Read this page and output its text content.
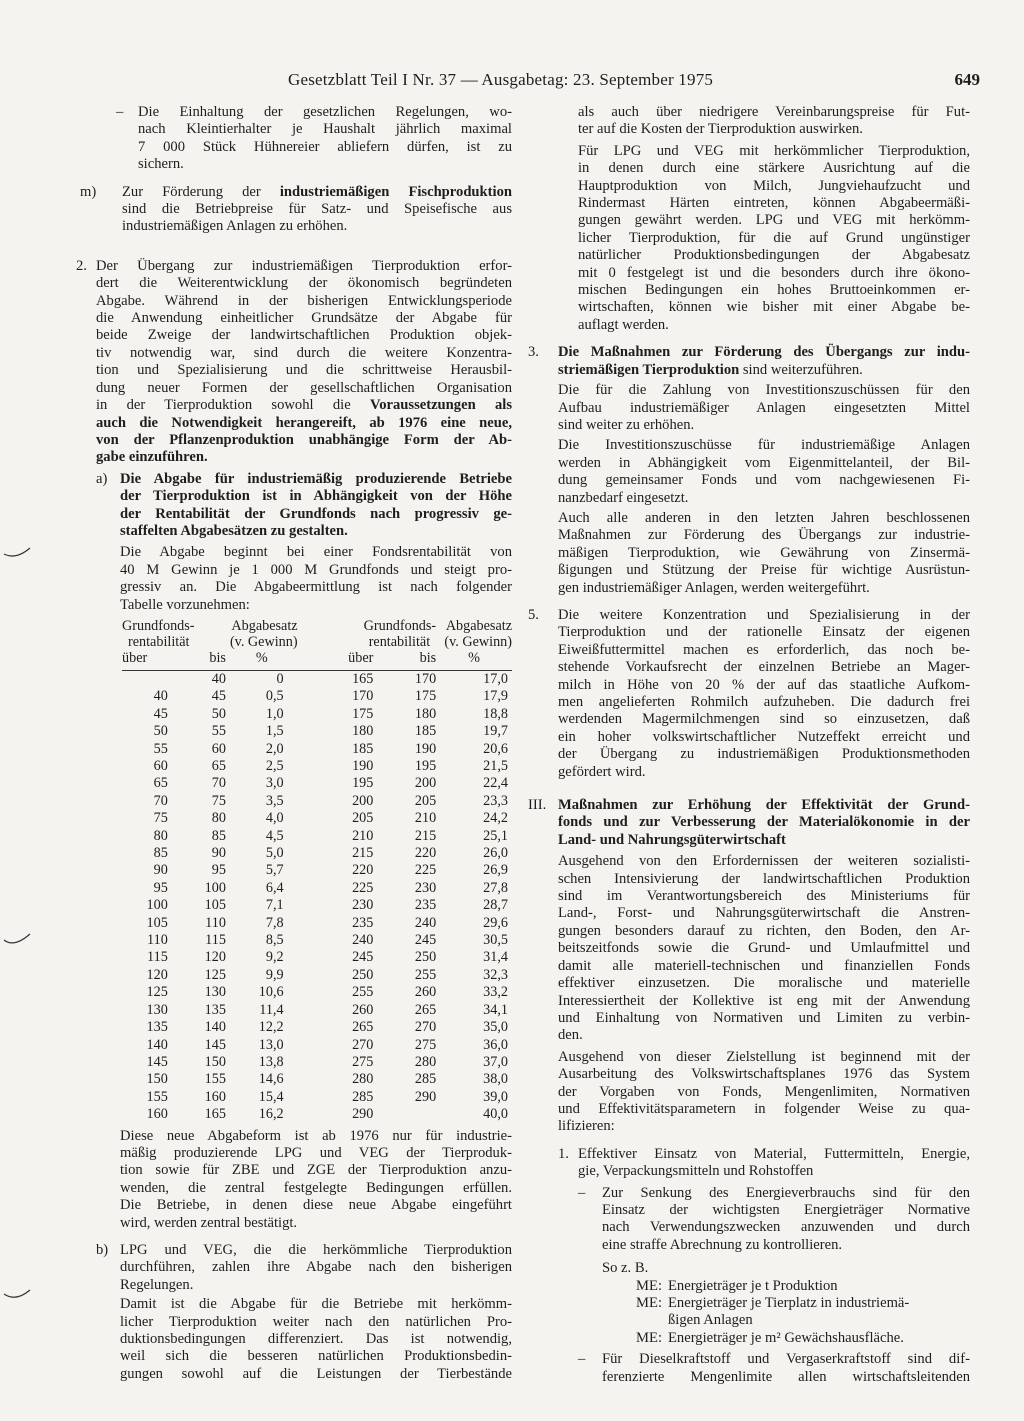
Gesetzblatt Teil I Nr. 37 — Ausgabetag: 23. September 1975	649
– Die Einhaltung der gesetzlichen Regelungen, wo-
nach Kleintierhalter je Haushalt jährlich maximal
7 000 Stück Hühnereier abliefern dürfen, ist zu
sichern.
m) Zur Förderung der industriemäßigen Fischproduktion
sind die Betriebpreise für Satz- und Speisefische aus
industriemäßigen Anlagen zu erhöhen.
2. Der Übergang zur industriemäßigen Tierproduktion erfor-
dert die Weiterentwicklung der ökonomisch begründeten
Abgabe. Während in der bisherigen Entwicklungsperiode
die Anwendung einheitlicher Grundsätze der Abgabe für
beide Zweige der landwirtschaftlichen Produktion objek-
tiv notwendig war, sind durch die weitere Konzentra-
tion und Spezialisierung und die schrittweise Herausbil-
dung neuer Formen der gesellschaftlichen Organisation
in der Tierproduktion sowohl die Voraussetzungen als
auch die Notwendigkeit herangereift, ab 1976 eine neue,
von der Pflanzenproduktion unabhängige Form der Ab-
gabe einzuführen.
a) Die Abgabe für industriemäßig produzierende Betriebe
der Tierproduktion ist in Abhängigkeit von der Höhe
der Rentabilität der Grundfonds nach progressiv ge-
staffelten Abgabesätzen zu gestalten.
Die Abgabe beginnt bei einer Fondsrentabilität von
40 M Gewinn je 1 000 M Grundfonds und steigt pro-
gressiv an. Die Abgabeermittlung ist nach folgender
Tabelle vorzunehmen:
Grundfonds-		Abgabesatz	Grundfonds-		Abgabesatz
rentabilität		(v. Gewinn)	rentabilität		(v. Gewinn)
über	bis	%	über	bis	%

	40	0	165	170	17,0
40	45	0,5	170	175	17,9
45	50	1,0	175	180	18,8
50	55	1,5	180	185	19,7
55	60	2,0	185	190	20,6
60	65	2,5	190	195	21,5
65	70	3,0	195	200	22,4
70	75	3,5	200	205	23,3
75	80	4,0	205	210	24,2
80	85	4,5	210	215	25,1
85	90	5,0	215	220	26,0
90	95	5,7	220	225	26,9
95	100	6,4	225	230	27,8
100	105	7,1	230	235	28,7
105	110	7,8	235	240	29,6
110	115	8,5	240	245	30,5
115	120	9,2	245	250	31,4
120	125	9,9	250	255	32,3
125	130	10,6	255	260	33,2
130	135	11,4	260	265	34,1
135	140	12,2	265	270	35,0
140	145	13,0	270	275	36,0
145	150	13,8	275	280	37,0
150	155	14,6	280	285	38,0
155	160	15,4	285	290	39,0
160	165	16,2	290		40,0
Diese neue Abgabeform ist ab 1976 nur für industrie-
mäßig produzierende LPG und VEG der Tierproduk-
tion sowie für ZBE und ZGE der Tierproduktion anzu-
wenden, die zentral festgelegte Bedingungen erfüllen.
Die Betriebe, in denen diese neue Abgabe eingeführt
wird, werden zentral bestätigt.
b) LPG und VEG, die die herkömmliche Tierproduktion
durchführen, zahlen ihre Abgabe nach den bisherigen
Regelungen.
Damit ist die Abgabe für die Betriebe mit herkömm-
licher Tierproduktion weiter nach den natürlichen Pro-
duktionsbedingungen differenziert. Das ist notwendig,
weil sich die besseren natürlichen Produktionsbedin-
gungen sowohl auf die Leistungen der Tierbestände
als auch über niedrigere Vereinbarungspreise für Fut-
ter auf die Kosten der Tierproduktion auswirken.
Für LPG und VEG mit herkömmlicher Tierproduktion,
in denen durch eine stärkere Ausrichtung auf die
Hauptproduktion von Milch, Jungviehaufzucht und
Rindermast Härten eintreten, können Abgabeermäßi-
gungen gewährt werden. LPG und VEG mit herkömm-
licher Tierproduktion, für die auf Grund ungünstiger
natürlicher Produktionsbedingungen der Abgabesatz
mit 0 festgelegt ist und die besonders durch ihre ökono-
mischen Bedingungen ein hohes Bruttoeinkommen er-
wirtschaften, können wie bisher mit einer Abgabe be-
auflagt werden.
3. Die Maßnahmen zur Förderung des Übergangs zur indu-
striemäßigen Tierproduktion sind weiterzuführen.
Die für die Zahlung von Investitionszuschüssen für den
Aufbau industriemäßiger Anlagen eingesetzten Mittel
sind weiter zu erhöhen.
Die Investitionszuschüsse für industriemäßige Anlagen
werden in Abhängigkeit vom Eigenmittelanteil, der Bil-
dung gemeinsamer Fonds und vom nachgewiesenen Fi-
nanzbedarf eingesetzt.
Auch alle anderen in den letzten Jahren beschlossenen
Maßnahmen zur Förderung des Übergangs zur industrie-
mäßigen Tierproduktion, wie Gewährung von Zinsermä-
ßigungen und Stützung der Preise für wichtige Ausrüstun-
gen industriemäßiger Anlagen, werden weitergeführt.
5. Die weitere Konzentration und Spezialisierung in der
Tierproduktion und der rationelle Einsatz der eigenen
Eiweißfuttermittel machen es erforderlich, das noch be-
stehende Vorkaufsrecht der einzelnen Betriebe an Mager-
milch in Höhe von 20 % der auf das staatliche Aufkom-
men angelieferten Rohmilch aufzuheben. Die dadurch frei
werdenden Magermilchmengen sind so einzusetzen, daß
ein hoher volkswirtschaftlicher Nutzeffekt erreicht und
der Übergang zu industriemäßigen Produktionsmethoden
gefördert wird.
III. Maßnahmen zur Erhöhung der Effektivität der Grund-
fonds und zur Verbesserung der Materialökonomie in der
Land- und Nahrungsgüterwirtschaft
Ausgehend von den Erfordernissen der weiteren sozialisti-
schen Intensivierung der landwirtschaftlichen Produktion
sind im Verantwortungsbereich des Ministeriums für
Land-, Forst- und Nahrungsgüterwirtschaft die Anstren-
gungen besonders darauf zu richten, den Boden, den Ar-
beitszeitfonds sowie die Grund- und Umlaufmittel und
damit alle materiell-technischen und finanziellen Fonds
effektiver einzusetzen. Die moralische und materielle
Interessiertheit der Kollektive ist eng mit der Anwendung
und Einhaltung von Normativen und Limiten zu verbin-
den.
Ausgehend von dieser Zielstellung ist beginnend mit der
Ausarbeitung des Volkswirtschaftsplanes 1976 das System
der Vorgaben von Fonds, Mengenlimiten, Normativen
und Effektivitätsparametern in folgender Weise zu qua-
lifizieren:
1. Effektiver Einsatz von Material, Futtermitteln, Energie,
gie, Verpackungsmitteln und Rohstoffen
– Zur Senkung des Energieverbrauchs sind für den
Einsatz der wichtigsten Energieträger Normative
nach Verwendungszwecken anzuwenden und durch
eine straffe Abrechnung zu kontrollieren.
So z. B.
ME: Energieträger je t Produktion
ME: Energieträger je Tierplatz in industriemä-
ßigen Anlagen
ME: Energieträger je m² Gewächshausfläche.
– Für Dieselkraftstoff und Vergaserkraftstoff sind dif-
ferenzierte Mengenlimite allen wirtschaftsleitenden
